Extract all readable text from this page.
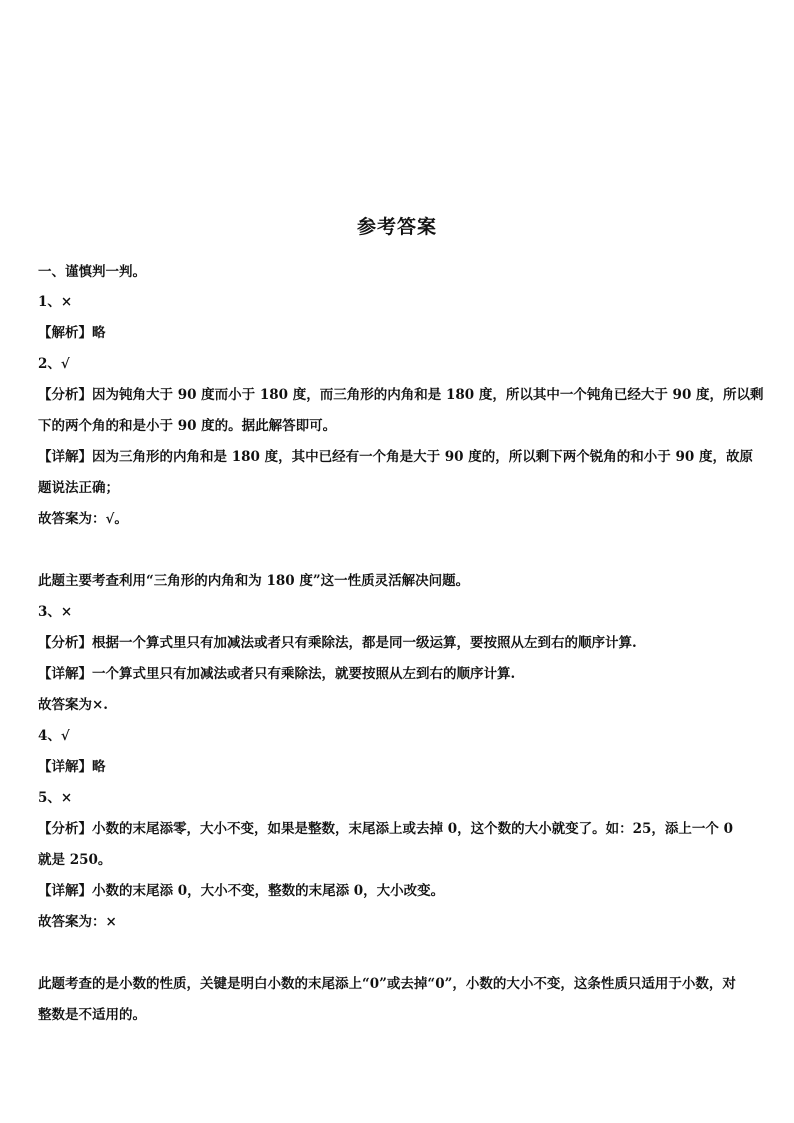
参考答案
一、谨慎判一判。
1、×
【解析】略
2、√
【分析】因为钝角大于 90 度而小于 180 度，而三角形的内角和是 180 度，所以其中一个钝角已经大于 90 度，所以剩
下的两个角的和是小于 90 度的。据此解答即可。
【详解】因为三角形的内角和是 180 度，其中已经有一个角是大于 90 度的，所以剩下两个锐角的和小于 90 度，故原
题说法正确；
故答案为：√。
此题主要考查利用“三角形的内角和为 180 度”这一性质灵活解决问题。
3、×
【分析】根据一个算式里只有加减法或者只有乘除法，都是同一级运算，要按照从左到右的顺序计算.
【详解】一个算式里只有加减法或者只有乘除法，就要按照从左到右的顺序计算.
故答案为×.
4、√
【详解】略
5、×
【分析】小数的末尾添零，大小不变，如果是整数，末尾添上或去掉 0，这个数的大小就变了。如：25，添上一个 0
就是 250。
【详解】小数的末尾添 0，大小不变，整数的末尾添 0，大小改变。
故答案为：×
此题考查的是小数的性质，关键是明白小数的末尾添上“0”或去掉“0”，小数的大小不变，这条性质只适用于小数，对
整数是不适用的。
